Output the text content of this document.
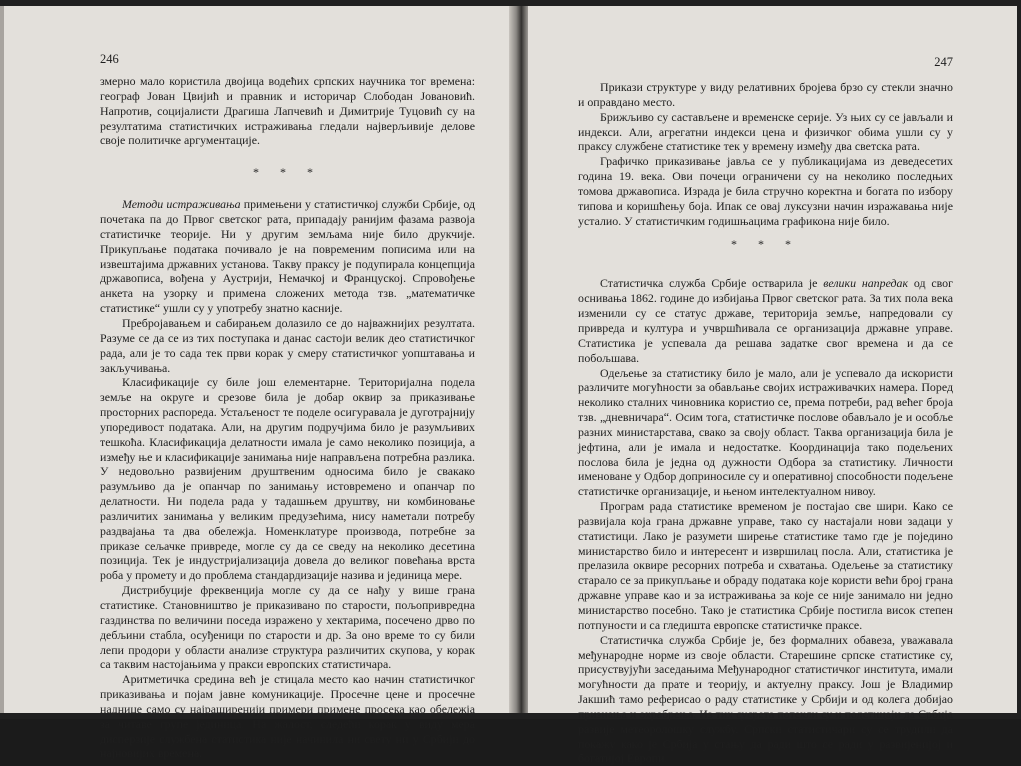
246

змерно мало користила двојица водећих српских научника тог времена: географ Јован Цвијић и правник и историчар Слободан Јовановић. Напротив, социјалисти Драгиша Лапчевић и Димитрије Туцовић су на резултатима статистичких истраживања гледали најверљивије делове своје политичке аргументације.

* * *

Методи истраживања примењени у статистичкој служби Србије, од почетака па до Првог светског рата, припадају ранијим фазама развоја статистичке теорије. Ни у другим земљама није било друкчије. Прикупљање података почивало је на повременим пописима или на извештајима државних установа. Такву праксу је подупирала концепција државописа, вођена у Аустрији, Немачкој и Француској. Спровођење анкета на узорку и примена сложених метода тзв. „математичке статистике“ ушли су у употребу знатно касније.

Пребројавањем и сабирањем долазило се до најважнијих резултата. Разуме се да се из тих поступака и данас састоји велик део статистичког рада, али је то сада тек први корак у смеру статистичког уопштавања и закључивања.

Класификације су биле још елементарне. Територијална подела земље на округе и срезове била је добар оквир за приказивање просторних распореда. Устаљеност те поделе осигуравала је дуготрајнију упоредивост података. Али, на другим подручјима било је разумљивих тешкоћа. Класификација делатности имала је само неколико позиција, а између ње и класификације занимања није направљена потребна разлика. У недовољно развијеним друштвеним односима било је свакако разумљиво да је опанчар по занимању истовремено и опанчар по делатности. Ни подела рада у тадашњем друштву, ни комбиновање различитих занимања у великим предузећима, нису наметали потребу раздвајања та два обележја. Номенклатуре производа, потребне за приказе сељачке привреде, могле су да се сведу на неколико десетина позиција. Тек је индустријализација довела до великог повећања врста роба у промету и до проблема стандардизације назива и јединица мере.

Дистрибуције фреквенција могле су да се нађу у више грана статистике. Становништво је приказивано по старости, пољопривредна газдинства по величини поседа изражено у хектарима, посечено дрво по дебљини стабла, осуђеници по старости и др. За оно време то су били лепи продори у области анализе структура различитих скупова, у корак са таквим настојањима у пракси европских статистичара.

Аритметичка средина већ је стицала место као начин статистичког приказивања и појам јавне комуникације. Просечне цене и просечне наднице само су најраширенији примери примене просека као обележја за читаве групе јединица. На жалост, следећи корак у виду мера дисперзије службена статистика није начинила ни свету ни у Србији до најновијих времена.

247

Прикази структуре у виду релативних бројева брзо су стекли значно и оправдано место.

Брижљиво су састављене и временске серије. Уз њих су се јављали и индекси. Али, агрегатни индекси цена и физичког обима ушли су у праксу службене статистике тек у времену између два светска рата.

Графичко приказивање јавља се у публикацијама из деведесетих година 19. века. Ови почеци ограничени су на неколико последњих томова државописа. Израда је била стручно коректна и богата по избору типова и коришћењу боја. Ипак се овај луксузни начин изражавања није усталио. У статистичким годишњацима графикона није било.

* * *

Статистичка служба Србије остварила је велики напредак од свог оснивања 1862. године до избијања Првог светског рата. За тих пола века изменили су се статус државе, територија земље, напредовали су привреда и култура и учвршћивала се организација државне управе. Статистика је успевала да решава задатке свог времена и да се побољшава.

Одељење за статистику било је мало, али је успевало да искористи различите могућности за обављање својих истраживачких намера. Поред неколико сталних чиновника користио се, према потреби, рад већег броја тзв. „дневничара“. Осим тога, статистичке послове обављало је и особље разних министарстава, свако за своју област. Таква организација била је јефтина, али је имала и недостатке. Координација тако подељених послова била је једна од дужности Одбора за статистику. Личности именоване у Одбор доприносиле су и оперативној способности подељене статистичке организације, и њеном интелектуалном нивоу.

Програм рада статистике временом је постајао све шири. Како се развијала која грана државне управе, тако су настајали нови задаци у статистици. Лако је разумети ширење статистике тамо где је поједино министарство било и интересент и извршилац посла. Али, статистика је прелазила оквире ресорних потреба и схватања. Одељење за статистику старало се за прикупљање и обраду података које користи већи број грана државне управе као и за истраживања за које се није занимало ни једно министарство посебно. Тако је статистика Србије постигла висок степен потпуности и са гледишта европске статистичке праксе.

Статистичка служба Србије је, без формалних обавеза, уважавала међународне норме из своје области. Старешине српске статистике су, присуствујући заседањима Међународног статистичког института, имали могућности да прате и теорију, и актуелну праксу. Још је Владимир Јакшић тамо реферисао о раду статистике у Србији и од колега добијао признања и охрабрења. Из тих сусрета потекли су и подстицаји да Србија развије метеоролошку службу. Српски статистичари су се трудили да покажу како је Србија у стању да ради што се ради у развијенијој и богатијој Европи.
